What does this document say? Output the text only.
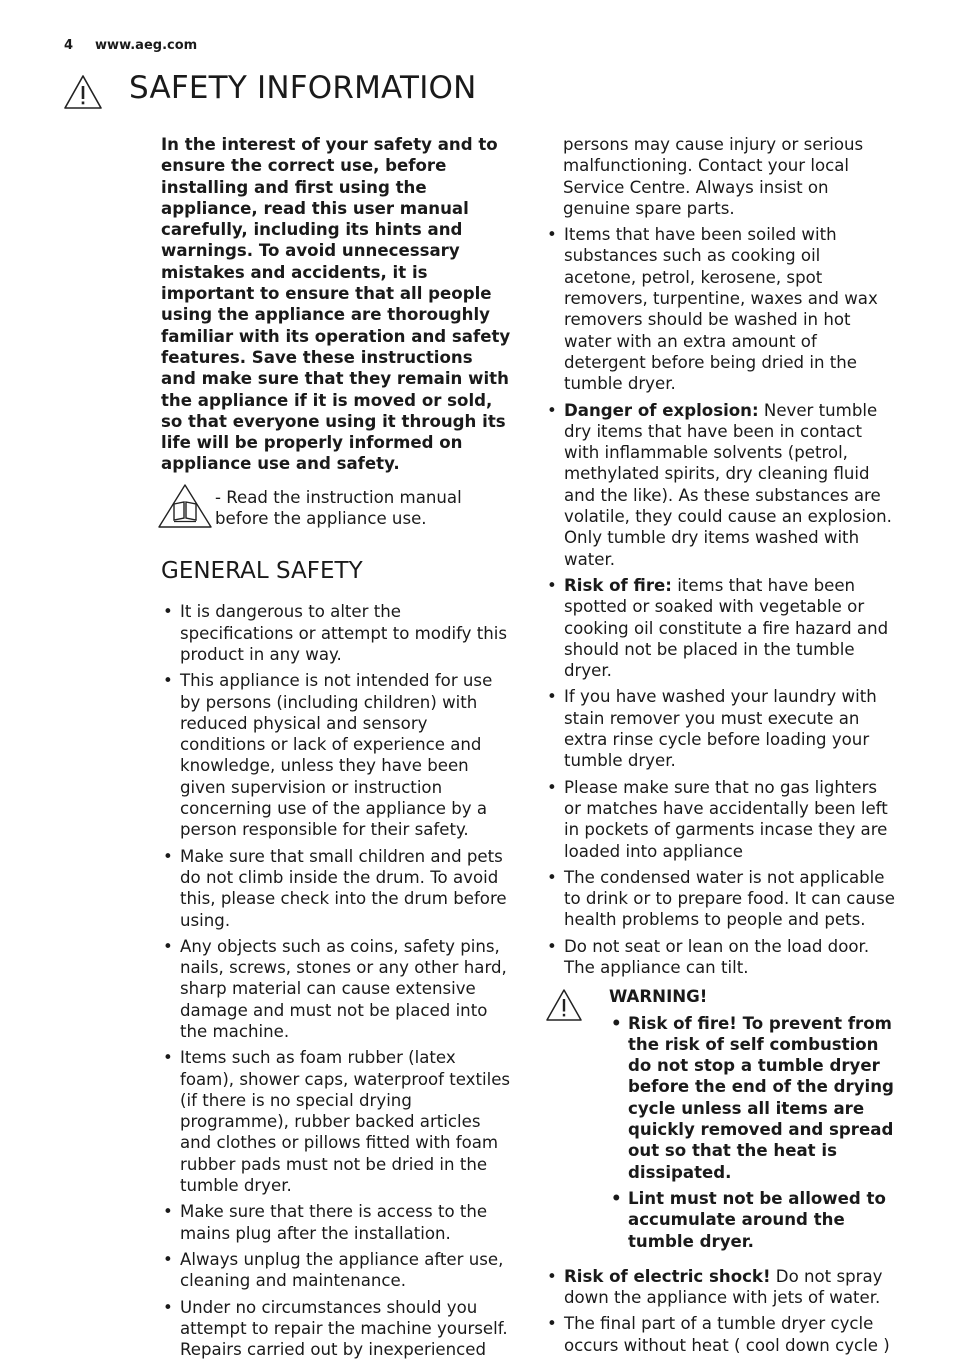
4 www.aeg.com
SAFETY INFORMATION

In the interest of your safety and to ensure the correct use, before installing and first using the appliance, read this user manual carefully, including its hints and warnings. To avoid unnecessary mistakes and accidents, it is important to ensure that all people using the appliance are thoroughly familiar with its operation and safety features. Save these instructions and make sure that they remain with the appliance if it is moved or sold, so that everyone using it through its life will be properly informed on appliance use and safety.

- Read the instruction manual before the appliance use.

GENERAL SAFETY
• It is dangerous to alter the specifications or attempt to modify this product in any way.
• This appliance is not intended for use by persons (including children) with reduced physical and sensory conditions or lack of experience and knowledge, unless they have been given supervision or instruction concerning use of the appliance by a person responsible for their safety.
• Make sure that small children and pets do not climb inside the drum. To avoid this, please check into the drum before using.
• Any objects such as coins, safety pins, nails, screws, stones or any other hard, sharp material can cause extensive damage and must not be placed into the machine.
• Items such as foam rubber (latex foam), shower caps, waterproof textiles (if there is no special drying programme), rubber backed articles and clothes or pillows fitted with foam rubber pads must not be dried in the tumble dryer.
• Make sure that there is access to the mains plug after the installation.
• Always unplug the appliance after use, cleaning and maintenance.
• Under no circumstances should you attempt to repair the machine yourself. Repairs carried out by inexperienced

persons may cause injury or serious malfunctioning. Contact your local Service Centre. Always insist on genuine spare parts.

• Items that have been soiled with substances such as cooking oil acetone, petrol, kerosene, spot removers, turpentine, waxes and wax removers should be washed in hot water with an extra amount of detergent before being dried in the tumble dryer.
• Danger of explosion: Never tumble dry items that have been in contact with inflammable solvents (petrol, methylated spirits, dry cleaning fluid and the like). As these substances are volatile, they could cause an explosion. Only tumble dry items washed with water.
• Risk of fire: items that have been spotted or soaked with vegetable or cooking oil constitute a fire hazard and should not be placed in the tumble dryer.
• If you have washed your laundry with stain remover you must execute an extra rinse cycle before loading your tumble dryer.
• Please make sure that no gas lighters or matches have accidentally been left in pockets of garments incase they are loaded into appliance
• The condensed water is not applicable to drink or to prepare food. It can cause health problems to people and pets.
• Do not seat or lean on the load door. The appliance can tilt.

WARNING!

• Risk of fire! To prevent from the risk of self combustion do not stop a tumble dryer before the end of the drying cycle unless all items are quickly removed and spread out so that the heat is dissipated.
• Lint must not be allowed to accumulate around the tumble dryer.
• Risk of electric shock! Do not spray down the appliance with jets of water.
• The final part of a tumble dryer cycle occurs without heat ( cool down cycle )
